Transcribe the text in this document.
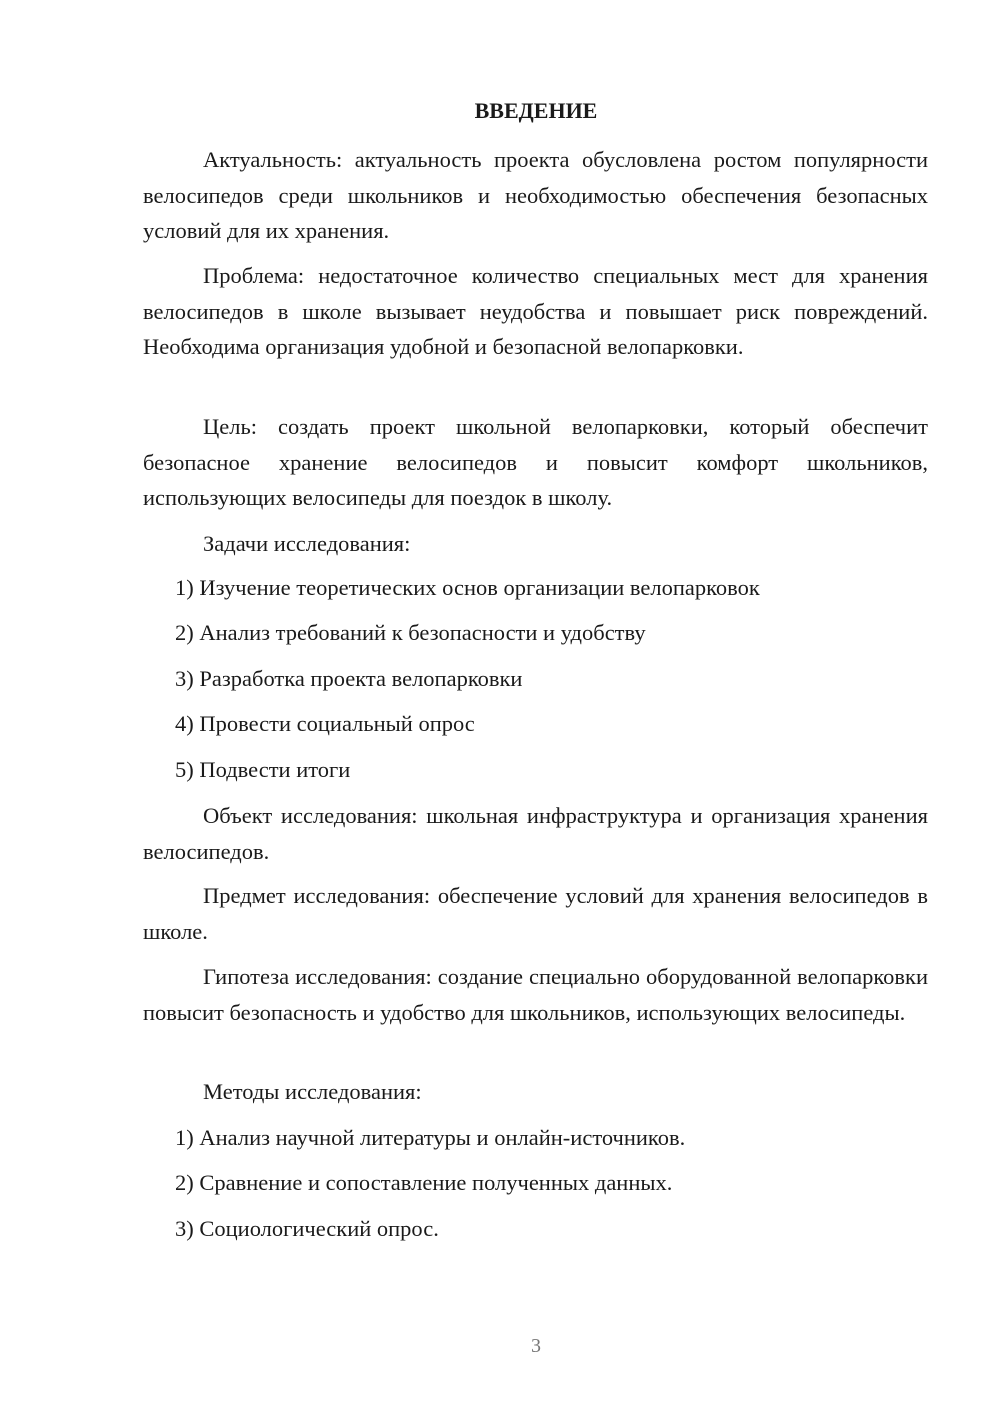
ВВЕДЕНИЕ
Актуальность: актуальность проекта обусловлена ростом популярности велосипедов среди школьников и необходимостью обеспечения безопасных условий для их хранения.
Проблема: недостаточное количество специальных мест для хранения велосипедов в школе вызывает неудобства и повышает риск повреждений. Необходима организация удобной и безопасной велопарковки.
Цель: создать проект школьной велопарковки, который обеспечит безопасное хранение велосипедов и повысит комфорт школьников, использующих велосипеды для поездок в школу.
Задачи исследования:
1) Изучение теоретических основ организации велопарковок
2) Анализ требований к безопасности и удобству
3) Разработка проекта велопарковки
4) Провести социальный опрос
5) Подвести итоги
Объект исследования: школьная инфраструктура и организация хранения велосипедов.
Предмет исследования: обеспечение условий для хранения велосипедов в школе.
Гипотеза исследования: создание специально оборудованной велопарковки повысит безопасность и удобство для школьников, использующих велосипеды.
Методы исследования:
1) Анализ научной литературы и онлайн-источников.
2) Сравнение и сопоставление полученных данных.
3) Социологический опрос.
3
